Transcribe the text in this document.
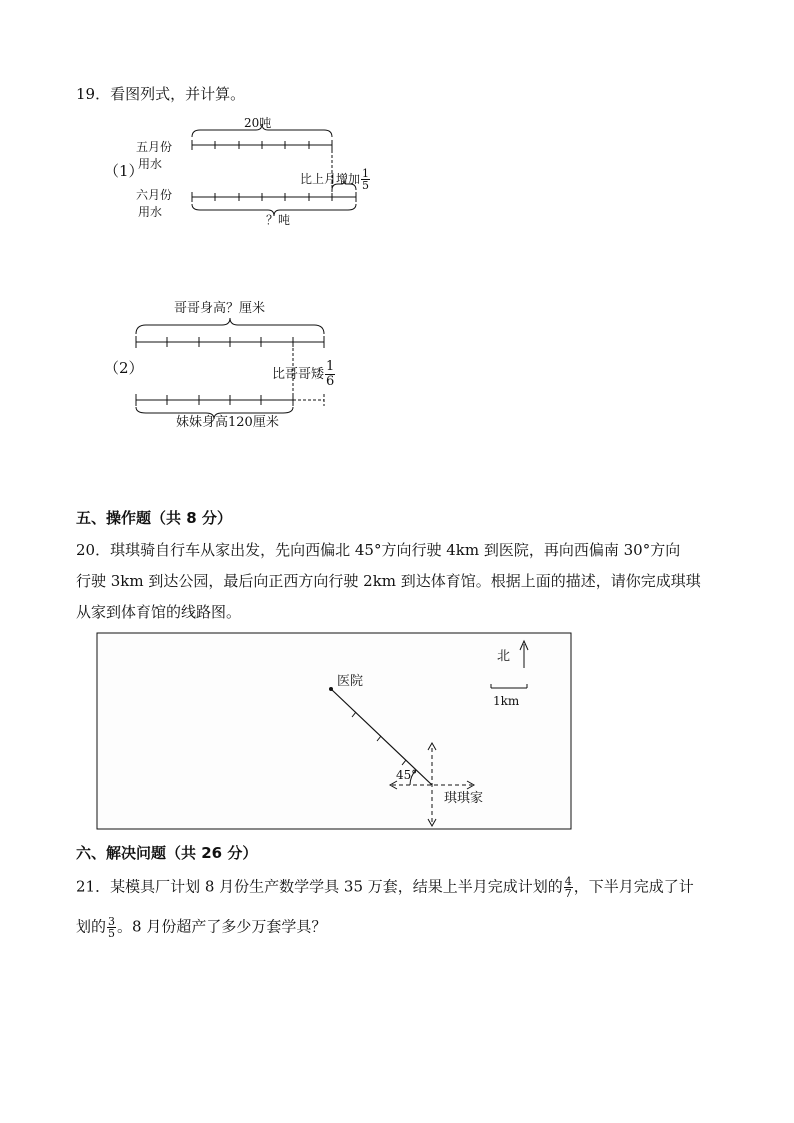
19．看图列式，并计算。
（1）
五月份
用水
六月份
用水
20吨
比上月增加 $\frac{1}{5}$
？吨
（2）
哥哥身高？厘米
比哥哥矮 $\frac{1}{6}$
妹妹身高120厘米
五、操作题（共 8 分）
20．琪琪骑自行车从家出发，先向西偏北 45°方向行驶 4km 到医院，再向西偏南 30°方向
行驶 3km 到达公园，最后向正西方向行驶 2km 到达体育馆。根据上面的描述，请你完成琪琪
从家到体育馆的线路图。
北
1km
医院
45°
琪琪家
六、解决问题（共 26 分）
21．某模具厂计划 8 月份生产数学学具 35 万套，结果上半月完成计划的 $\frac{4}{7}$ ，下半月完成了计
划的 $\frac{3}{5}$ 。8 月份超产了多少万套学具？
